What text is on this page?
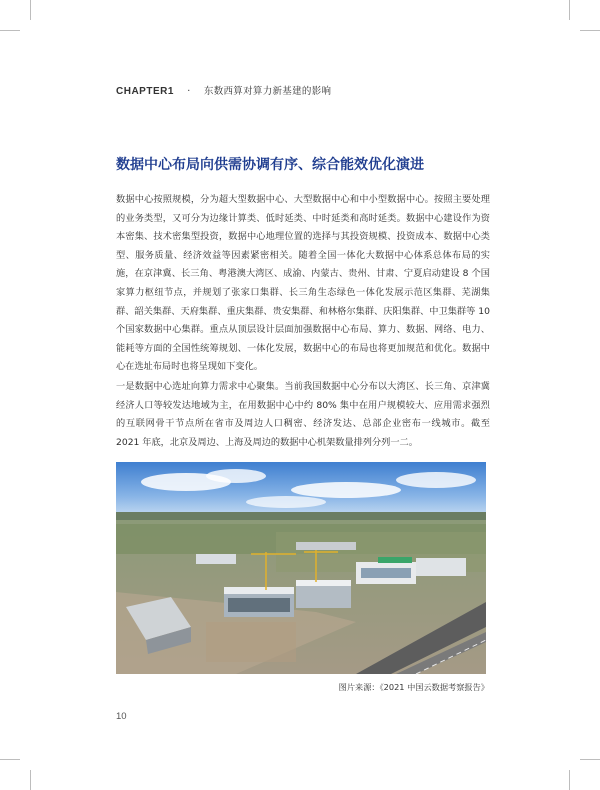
CHAPTER1 · 东数西算对算力新基建的影响
数据中心布局向供需协调有序、综合能效优化演进

数据中心按照规模，分为超大型数据中心、大型数据中心和中小型数据中心。按照主要处理的业务类型，又可分为边缘计算类、低时延类、中时延类和高时延类。数据中心建设作为资本密集、技术密集型投资，数据中心地理位置的选择与其投资规模、投资成本、数据中心类型、服务质量、经济效益等因素紧密相关。随着全国一体化大数据中心体系总体布局的实施，在京津冀、长三角、粤港澳大湾区、成渝、内蒙古、贵州、甘肃、宁夏启动建设 8 个国家算力枢纽节点，并规划了张家口集群、长三角生态绿色一体化发展示范区集群、芜湖集群、韶关集群、天府集群、重庆集群、贵安集群、和林格尔集群、庆阳集群、中卫集群等 10 个国家数据中心集群。重点从顶层设计层面加强数据中心布局、算力、数据、网络、电力、能耗等方面的全国性统筹规划、一体化发展，数据中心的布局也将更加规范和优化。数据中心在选址布局时也将呈现如下变化。

一是数据中心选址向算力需求中心聚集。当前我国数据中心分布以大湾区、长三角、京津冀经济人口等较发达地域为主，在用数据中心中约 80% 集中在用户规模较大、应用需求强烈的互联网骨干节点所在省市及周边人口稠密、经济发达、总部企业密布一线城市。截至 2021 年底，北京及周边、上海及周边的数据中心机架数量排列分列一二。

图片来源：《2021 中国云数据考察报告》
10
